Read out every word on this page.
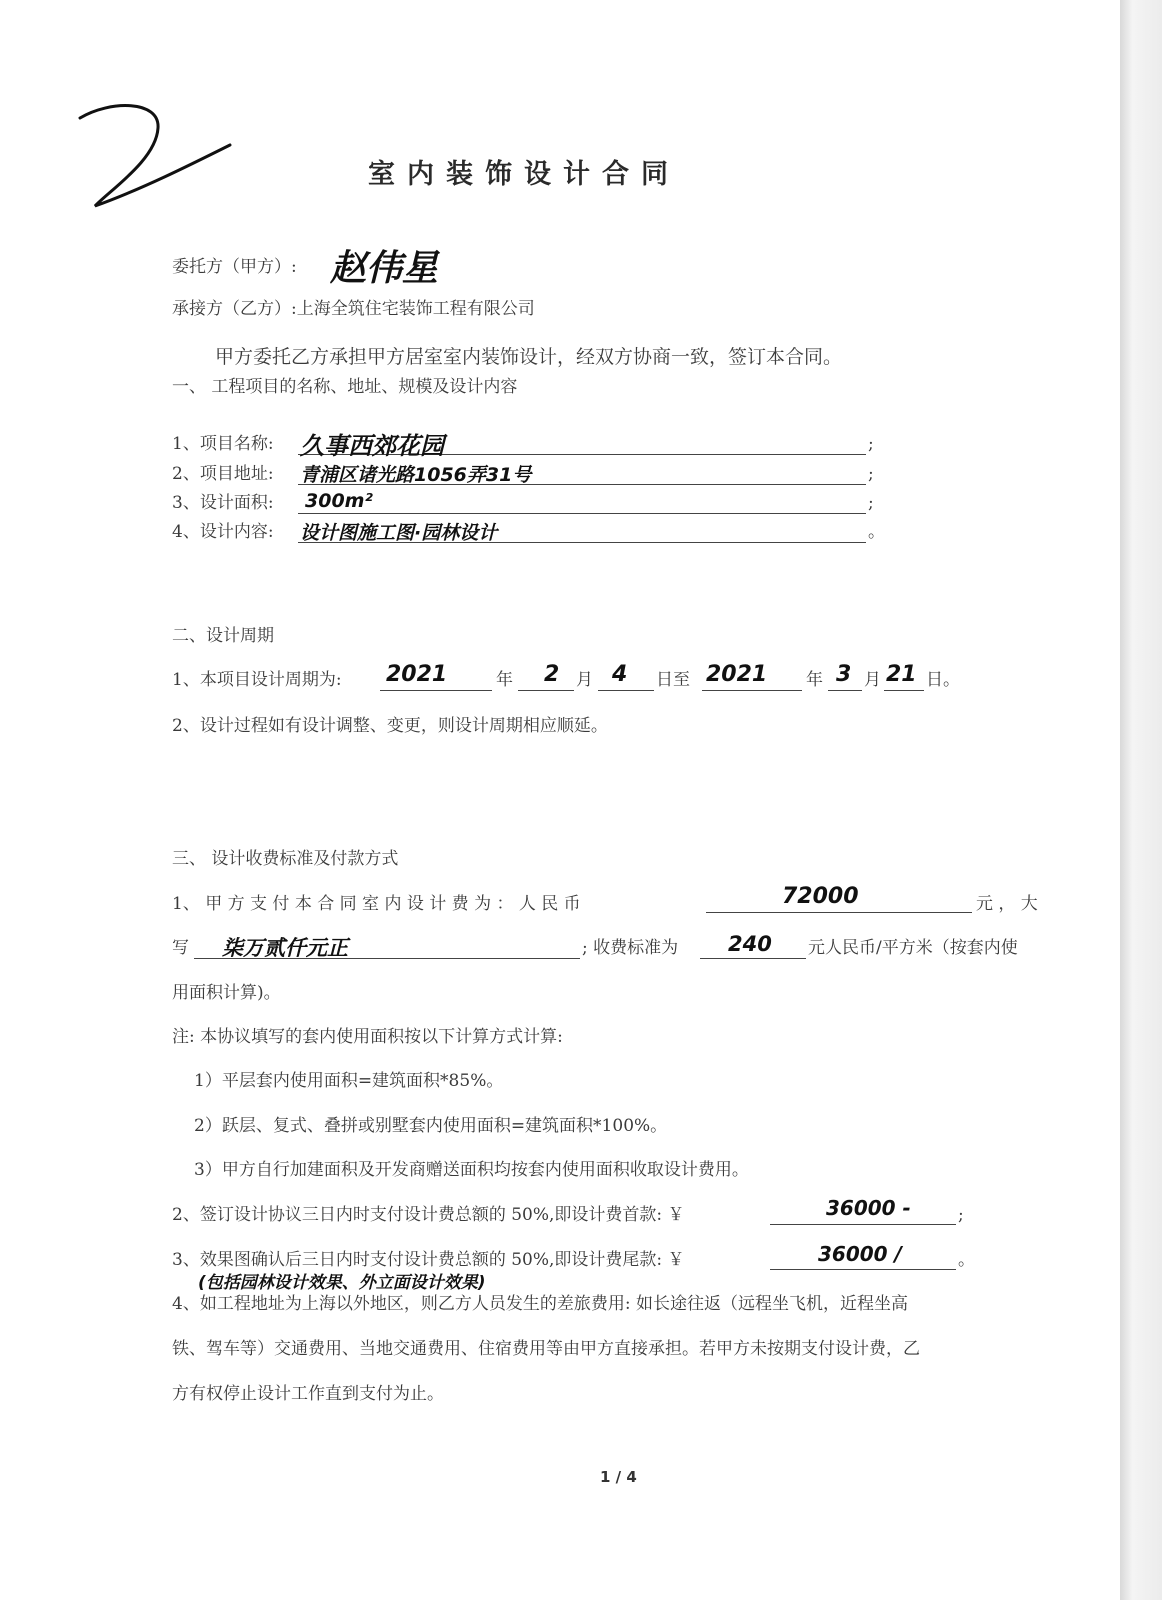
室内装饰设计合同
委托方（甲方）: 赵伟星
承接方（乙方）:上海全筑住宅装饰工程有限公司
甲方委托乙方承担甲方居室室内装饰设计，经双方协商一致，签订本合同。
一、 工程项目的名称、地址、规模及设计内容
1、项目名称: 久事西郊花园	;
2、项目地址: 青浦区诸光路1056弄31号	;
3、设计面积: 300m²	;
4、设计内容: 设计图施工图·园林设计	。
二、设计周期
1、本项目设计周期为: 2021	年 2 月 4 日至 2021 年 3 月 21 日。
2、设计过程如有设计调整、变更，则设计周期相应顺延。
三、 设计收费标准及付款方式
1、 甲 方 支 付 本 合 同 室 内 设 计 费 为 ： 人 民 币	72000	元 ， 大
写 柒万贰仟元正	; 收费标准为 240 元人民币/平方米（按套内使
用面积计算)。
注: 本协议填写的套内使用面积按以下计算方式计算:
1）平层套内使用面积=建筑面积*85%。
2）跃层、复式、叠拼或别墅套内使用面积=建筑面积*100%。
3）甲方自行加建面积及开发商赠送面积均按套内使用面积收取设计费用。
2、签订设计协议三日内时支付设计费总额的 50%,即设计费首款: ￥	36000 -	;
3、效果图确认后三日内时支付设计费总额的 50%,即设计费尾款: ￥	36000 /	。
(包括园林设计效果、外立面设计效果)
4、如工程地址为上海以外地区，则乙方人员发生的差旅费用: 如长途往返（远程坐飞机，近程坐高
铁、驾车等）交通费用、当地交通费用、住宿费用等由甲方直接承担。若甲方未按期支付设计费，乙
方有权停止设计工作直到支付为止。
1 / 4
